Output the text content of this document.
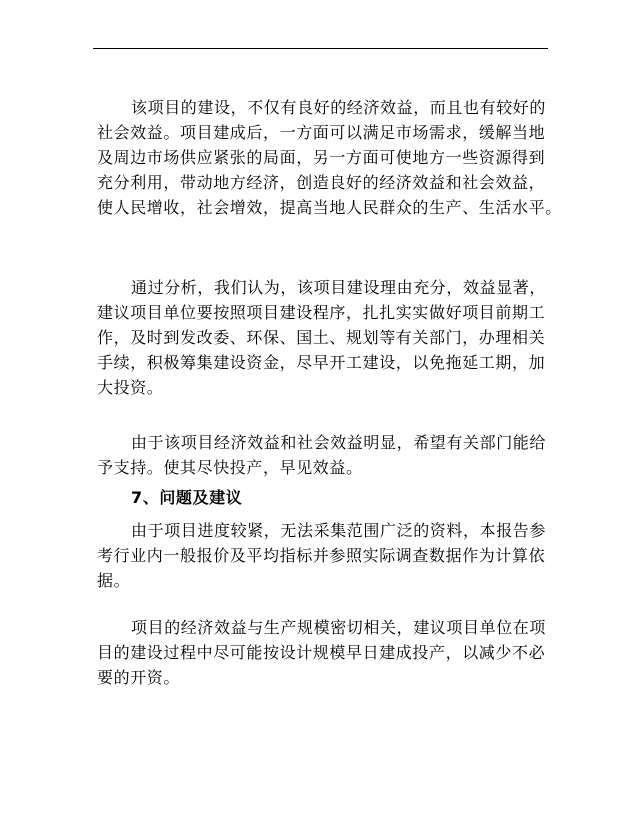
该项目的建设，不仅有良好的经济效益，而且也有较好的
社会效益。项目建成后，一方面可以满足市场需求，缓解当地
及周边市场供应紧张的局面，另一方面可使地方一些资源得到
充分利用，带动地方经济，创造良好的经济效益和社会效益，
使人民增收，社会增效，提高当地人民群众的生产、生活水平。
通过分析，我们认为，该项目建设理由充分，效益显著，
建议项目单位要按照项目建设程序，扎扎实实做好项目前期工
作，及时到发改委、环保、国土、规划等有关部门，办理相关
手续，积极筹集建设资金，尽早开工建设，以免拖延工期，加
大投资。
由于该项目经济效益和社会效益明显，希望有关部门能给
予支持。使其尽快投产，早见效益。
7、问题及建议
由于项目进度较紧，无法采集范围广泛的资料，本报告参
考行业内一般报价及平均指标并参照实际调查数据作为计算依
据。
项目的经济效益与生产规模密切相关，建议项目单位在项
目的建设过程中尽可能按设计规模早日建成投产，以减少不必
要的开资。
